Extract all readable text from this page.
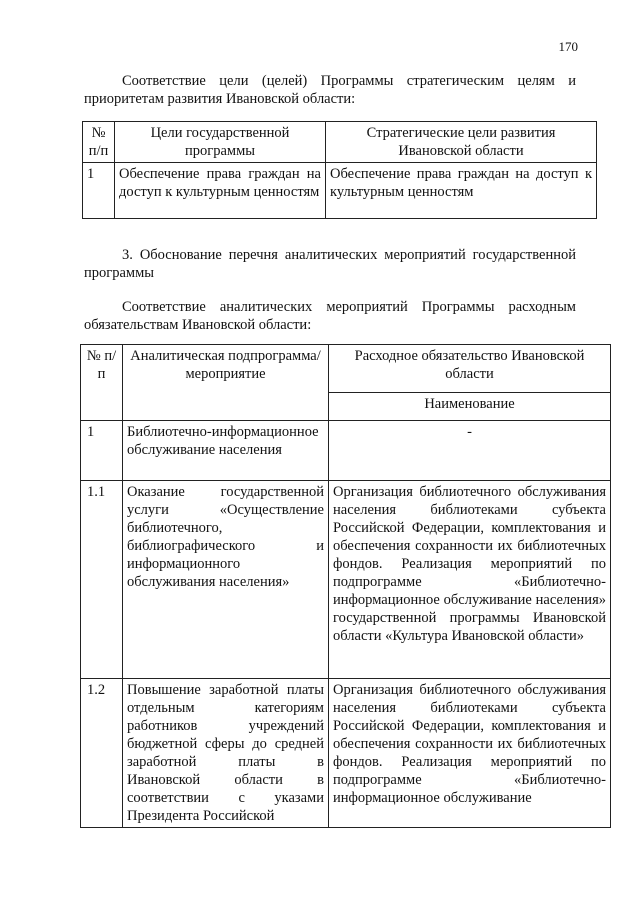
170
Соответствие цели (целей) Программы стратегическим целям и приоритетам развития Ивановской области:
№ п/п	Цели государственной программы	Стратегические цели развития Ивановской области
1	Обеспечение права граждан на доступ к культурным ценностям	Обеспечение права граждан на доступ к культурным ценностям
3. Обоснование перечня аналитических мероприятий государственной программы
Соответствие аналитических мероприятий Программы расходным обязательствам Ивановской области:
№ п/п	Аналитическая подпрограмма/мероприятие	Расходное обязательство Ивановской области
		Наименование
1	Библиотечно-информационное обслуживание населения	-
1.1	Оказание государственной услуги «Осуществление библиотечного, библиографического и информационного обслуживания населения»	Организация библиотечного обслуживания населения библиотеками субъекта Российской Федерации, комплектования и обеспечения сохранности их библиотечных фондов. Реализация мероприятий по подпрограмме «Библиотечно-информационное обслуживание населения» государственной программы Ивановской области «Культура Ивановской области»
1.2	Повышение заработной платы отдельным категориям работников учреждений бюджетной сферы до средней заработной платы в Ивановской области в соответствии с указами Президента Российской	Организация библиотечного обслуживания населения библиотеками субъекта Российской Федерации, комплектования и обеспечения сохранности их библиотечных фондов. Реализация мероприятий по подпрограмме «Библиотечно-информационное обслуживание
